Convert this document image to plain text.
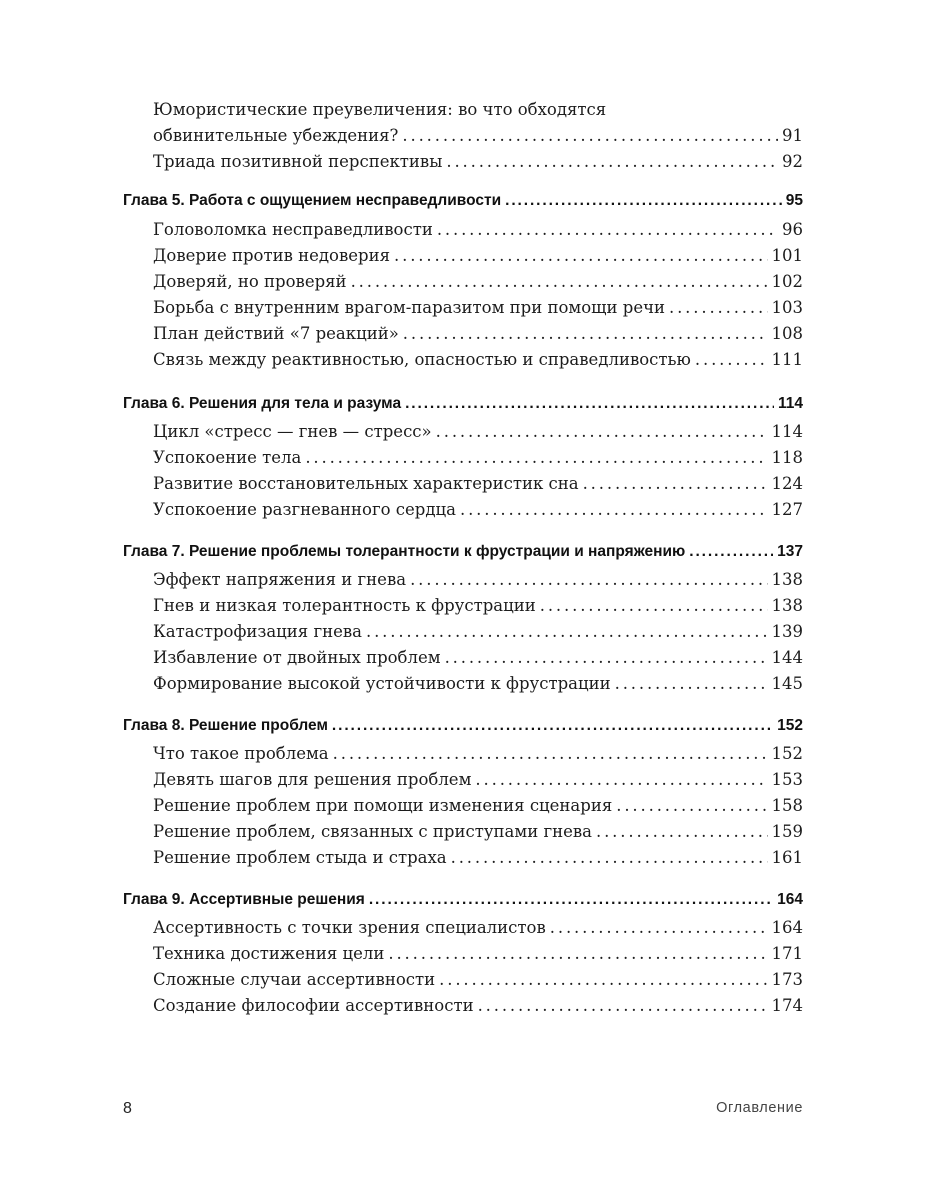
Юмористические преувеличения: во что обходятся
обвинительные убеждения? . . .	91
Триада позитивной перспективы . . .	92
Глава 5. Работа с ощущением несправедливости . . .	95
Головоломка несправедливости . . .	96
Доверие против недоверия . . .	101
Доверяй, но проверяй . . .	102
Борьба с внутренним врагом-паразитом при помощи речи . . .	103
План действий «7 реакций» . . .	108
Связь между реактивностью, опасностью и справедливостью . . .	111
Глава 6. Решения для тела и разума . . .	114
Цикл «стресс — гнев — стресс» . . .	114
Успокоение тела . . .	118
Развитие восстановительных характеристик сна . . .	124
Успокоение разгневанного сердца . . .	127
Глава 7. Решение проблемы толерантности к фрустрации и напряжению . . .	137
Эффект напряжения и гнева . . .	138
Гнев и низкая толерантность к фрустрации . . .	138
Катастрофизация гнева . . .	139
Избавление от двойных проблем . . .	144
Формирование высокой устойчивости к фрустрации . . .	145
Глава 8. Решение проблем . . .	152
Что такое проблема . . .	152
Девять шагов для решения проблем . . .	153
Решение проблем при помощи изменения сценария . . .	158
Решение проблем, связанных с приступами гнева . . .	159
Решение проблем стыда и страха . . .	161
Глава 9. Ассертивные решения . . .	164
Ассертивность с точки зрения специалистов . . .	164
Техника достижения цели . . .	171
Сложные случаи ассертивности . . .	173
Создание философии ассертивности . . .	174
8	Оглавление
